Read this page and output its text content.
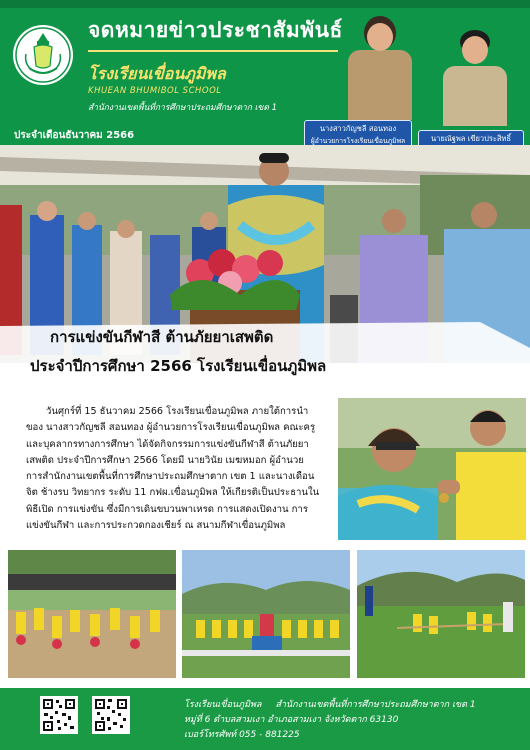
จดหมายข่าวประชาสัมพันธ์
โรงเรียนเขื่อนภูมิพล
KHUEAN BHUMIBOL SCHOOL
สำนักงานเขตพื้นที่การศึกษาประถมศึกษาตาก เขต 1
ประจำเดือนธันวาคม 2566
นางสาวกัญชลี สอนทอง
ผู้อำนวยการโรงเรียนเขื่อนภูมิพล	นายณัฐพล เขียวประสิทธิ์
การแข่งขันกีฬาสี ต้านภัยยาเสพติด
ประจำปีการศึกษา 2566 โรงเรียนเขื่อนภูมิพล
วันศุกร์ที่ 15 ธันวาคม 2566 โรงเรียนเขื่อนภูมิพล ภายใต้การนำของ นางสาวกัญชลี สอนทอง ผู้อำนวยการโรงเรียนเขื่อนภูมิพล คณะครูและบุคลากรทางการศึกษา ได้จัดกิจกรรมการแข่งขันกีฬาสี ต้านภัยยาเสพติด ประจำปีการศึกษา 2566 โดยมี นายวินัย เมฆหมอก ผู้อำนวยการสำนักงานเขตพื้นที่การศึกษาประถมศึกษาตาก เขต 1 และนางเดือนจิต ช้างรบ วิทยากร ระดับ 11 กฟผ.เขื่อนภูมิพล ให้เกียรติเป็นประธานในพิธีเปิด การแข่งขัน ซึ่งมีการเดินขบวนพาเหรด การแสดงเปิดงาน การแข่งขันกีฬา และการประกวดกองเชียร์ ณ สนามกีฬาเขื่อนภูมิพล
โรงเรียนเขื่อนภูมิพล สำนักงานเขตพื้นที่การศึกษาประถมศึกษาตาก เขต 1
หมู่ที่ 6 ตำบลสามเงา อำเภอสามเงา จังหวัดตาก 63130
เบอร์โทรศัพท์ 055 - 881225
